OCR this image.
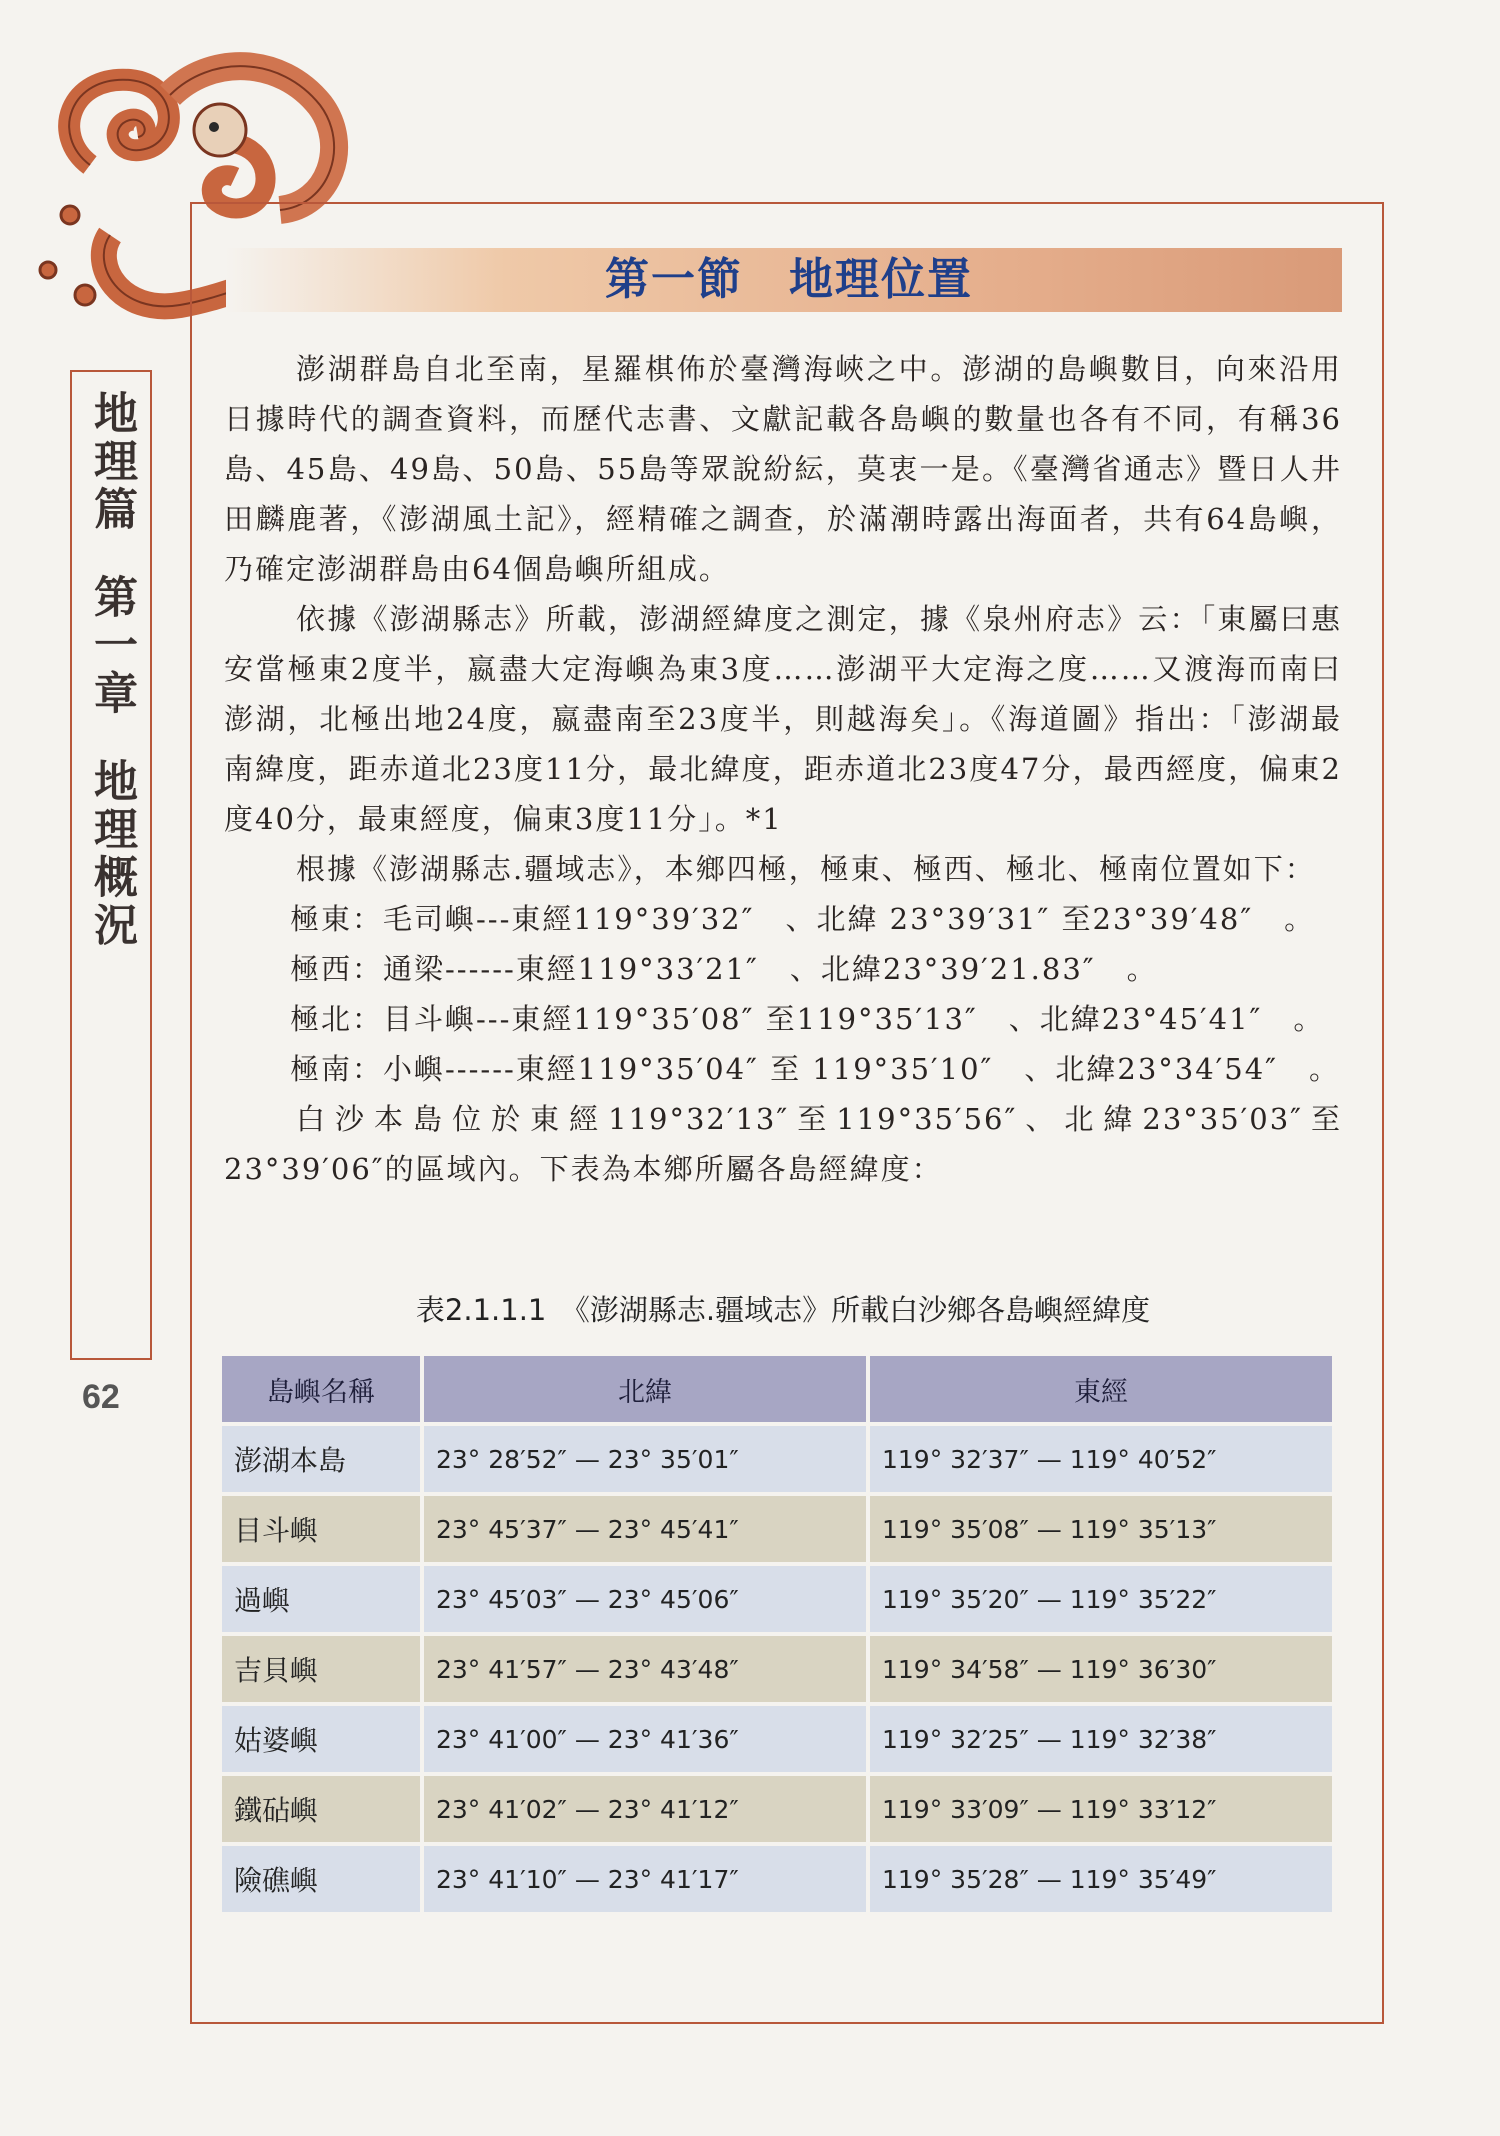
地理篇第一章地理概況
62
第一節　地理位置

澎湖群島自北至南，星羅棋佈於臺灣海峽之中。澎湖的島嶼數目，向來沿用日據時代的調查資料，而歷代志書、文獻記載各島嶼的數量也各有不同，有稱36島、45島、49島、50島、55島等眾說紛紜，莫衷一是。《臺灣省通志》暨日人井田麟鹿著，《澎湖風土記》，經精確之調查，於滿潮時露出海面者，共有64島嶼，乃確定澎湖群島由64個島嶼所組成。

依據《澎湖縣志》所載，澎湖經緯度之測定，據《泉州府志》云：「東屬曰惠安當極東2度半，嬴盡大定海嶼為東3度……澎湖平大定海之度……又渡海而南曰澎湖，北極出地24度，嬴盡南至23度半，則越海矣」。《海道圖》指出：「澎湖最南緯度，距赤道北23度11分，最北緯度，距赤道北23度47分，最西經度，偏東2度40分，最東經度，偏東3度11分」。*1

根據《澎湖縣志.疆域志》，本鄉四極，極東、極西、極北、極南位置如下：

極東：毛司嶼---東經119°39′32″　、北緯 23°39′31″ 至23°39′48″　。

極西：通梁------東經119°33′21″　、北緯23°39′21.83″　。

極北：目斗嶼---東經119°35′08″ 至119°35′13″　、北緯23°45′41″　。

極南：小嶼------東經119°35′04″ 至 119°35′10″　、北緯23°34′54″　。

白沙本島位於東經119°32′13″至119°35′56″、北緯23°35′03″至23°39′06″的區域內。下表為本鄉所屬各島經緯度：

表2.1.1.1　《澎湖縣志.疆域志》所載白沙鄉各島嶼經緯度
島嶼名稱	北緯	東經
澎湖本島	23° 28′52″ — 23° 35′01″	119° 32′37″ — 119° 40′52″
目斗嶼	23° 45′37″ — 23° 45′41″	119° 35′08″ — 119° 35′13″
過嶼	23° 45′03″ — 23° 45′06″	119° 35′20″ — 119° 35′22″
吉貝嶼	23° 41′57″ — 23° 43′48″	119° 34′58″ — 119° 36′30″
姑婆嶼	23° 41′00″ — 23° 41′36″	119° 32′25″ — 119° 32′38″
鐵砧嶼	23° 41′02″ — 23° 41′12″	119° 33′09″ — 119° 33′12″
險礁嶼	23° 41′10″ — 23° 41′17″	119° 35′28″ — 119° 35′49″
